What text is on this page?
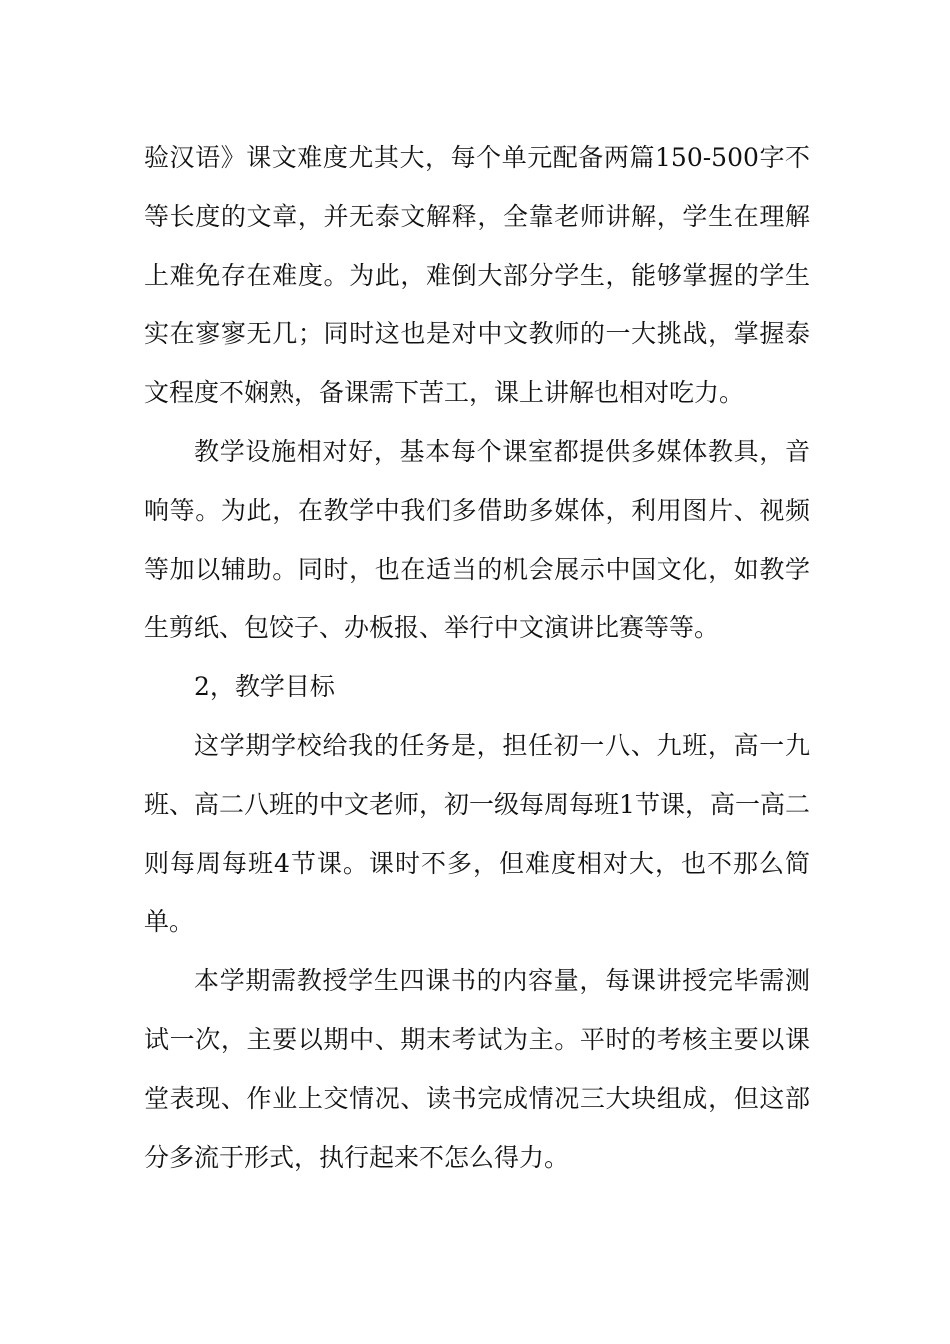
验汉语》课文难度尤其大，每个单元配备两篇150-500字不等长度的文章，并无泰文解释，全靠老师讲解，学生在理解上难免存在难度。为此，难倒大部分学生，能够掌握的学生实在寥寥无几；同时这也是对中文教师的一大挑战，掌握泰文程度不娴熟，备课需下苦工，课上讲解也相对吃力。

教学设施相对好，基本每个课室都提供多媒体教具，音响等。为此，在教学中我们多借助多媒体，利用图片、视频等加以辅助。同时，也在适当的机会展示中国文化，如教学生剪纸、包饺子、办板报、举行中文演讲比赛等等。

2，教学目标

这学期学校给我的任务是，担任初一八、九班，高一九班、高二八班的中文老师，初一级每周每班1节课，高一高二则每周每班4节课。课时不多，但难度相对大，也不那么简单。

本学期需教授学生四课书的内容量，每课讲授完毕需测试一次，主要以期中、期末考试为主。平时的考核主要以课堂表现、作业上交情况、读书完成情况三大块组成，但这部分多流于形式，执行起来不怎么得力。
